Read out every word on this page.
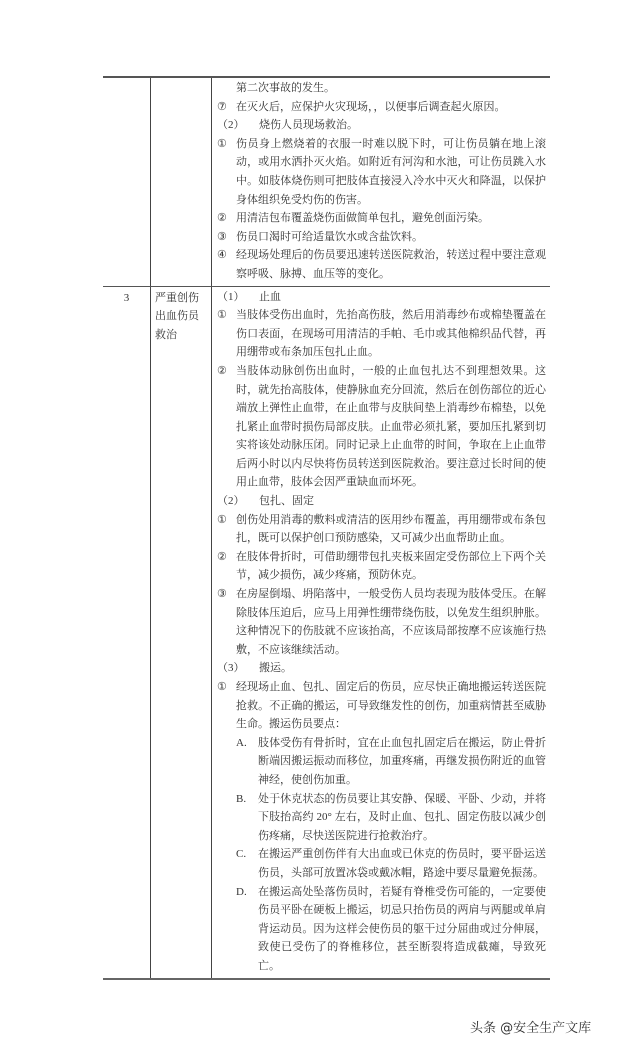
第二次事故的发生。
⑦ 在灭火后，应保护火灾现场，，以便事后调查起火原因。
（2）	烧伤人员现场救治。
① 伤员身上燃烧着的衣服一时难以脱下时，可让伤员躺在地上滚动，或用水洒扑灭火焰。如附近有河沟和水池，可让伤员跳入水中。如肢体烧伤则可把肢体直接浸入冷水中灭火和降温，以保护身体组织免受灼伤的伤害。
② 用清洁包布覆盖烧伤面做简单包扎，避免创面污染。
③ 伤员口渴时可给适量饮水或含盐饮料。
④ 经现场处理后的伤员要迅速转送医院救治，转送过程中要注意观察呼吸、脉搏、血压等的变化。
3	严重创伤出血伤员救治
（1）	止血
① 当肢体受伤出血时，先抬高伤肢，然后用消毒纱布或棉垫覆盖在伤口表面，在现场可用清洁的手帕、毛巾或其他棉织品代替，再用绷带或布条加压包扎止血。
② 当肢体动脉创伤出血时，一般的止血包扎达不到理想效果。这时，就先抬高肢体，使静脉血充分回流，然后在创伤部位的近心端放上弹性止血带，在止血带与皮肤间垫上消毒纱布棉垫，以免扎紧止血带时损伤局部皮肤。止血带必须扎紧，要加压扎紧到切实将该处动脉压闭。同时记录上止血带的时间，争取在上止血带后两小时以内尽快将伤员转送到医院救治。要注意过长时间的使用止血带，肢体会因严重缺血而坏死。
（2）	包扎、固定
① 创伤处用消毒的敷料或清洁的医用纱布覆盖，再用绷带或布条包扎，既可以保护创口预防感染，又可减少出血帮助止血。
② 在肢体骨折时，可借助绷带包扎夹板来固定受伤部位上下两个关节，减少损伤，减少疼痛，预防休克。
③ 在房屋倒塌、坍陷落中，一般受伤人员均表现为肢体受压。在解除肢体压迫后，应马上用弹性绷带绕伤肢，以免发生组织肿胀。这种情况下的伤肢就不应该抬高，不应该局部按摩不应该施行热敷，不应该继续活动。
（3）	搬运。
① 经现场止血、包扎、固定后的伤员，应尽快正确地搬运转送医院抢救。不正确的搬运，可导致继发性的创伤，加重病情甚至威胁生命。搬运伤员要点：
A.	肢体受伤有骨折时，宜在止血包扎固定后在搬运，防止骨折断端因搬运振动而移位，加重疼痛，再继发损伤附近的血管神经，使创伤加重。
B.	处于休克状态的伤员要让其安静、保暖、平卧、少动，并将下肢抬高约 20° 左右，及时止血、包扎、固定伤肢以减少创伤疼痛，尽快送医院进行抢救治疗。
C.	在搬运严重创伤伴有大出血或已休克的伤员时，要平卧运送伤员，头部可放置冰袋或戴冰帽，路途中要尽量避免振荡。
D.	在搬运高处坠落伤员时，若疑有脊椎受伤可能的，一定要使伤员平卧在硬板上搬运，切忌只抬伤员的两肩与两腿或单肩背运动员。因为这样会使伤员的躯干过分屈曲或过分伸展，致使已受伤了的脊椎移位，甚至断裂将造成截瘫，导致死亡。
头条 @安全生产文库
